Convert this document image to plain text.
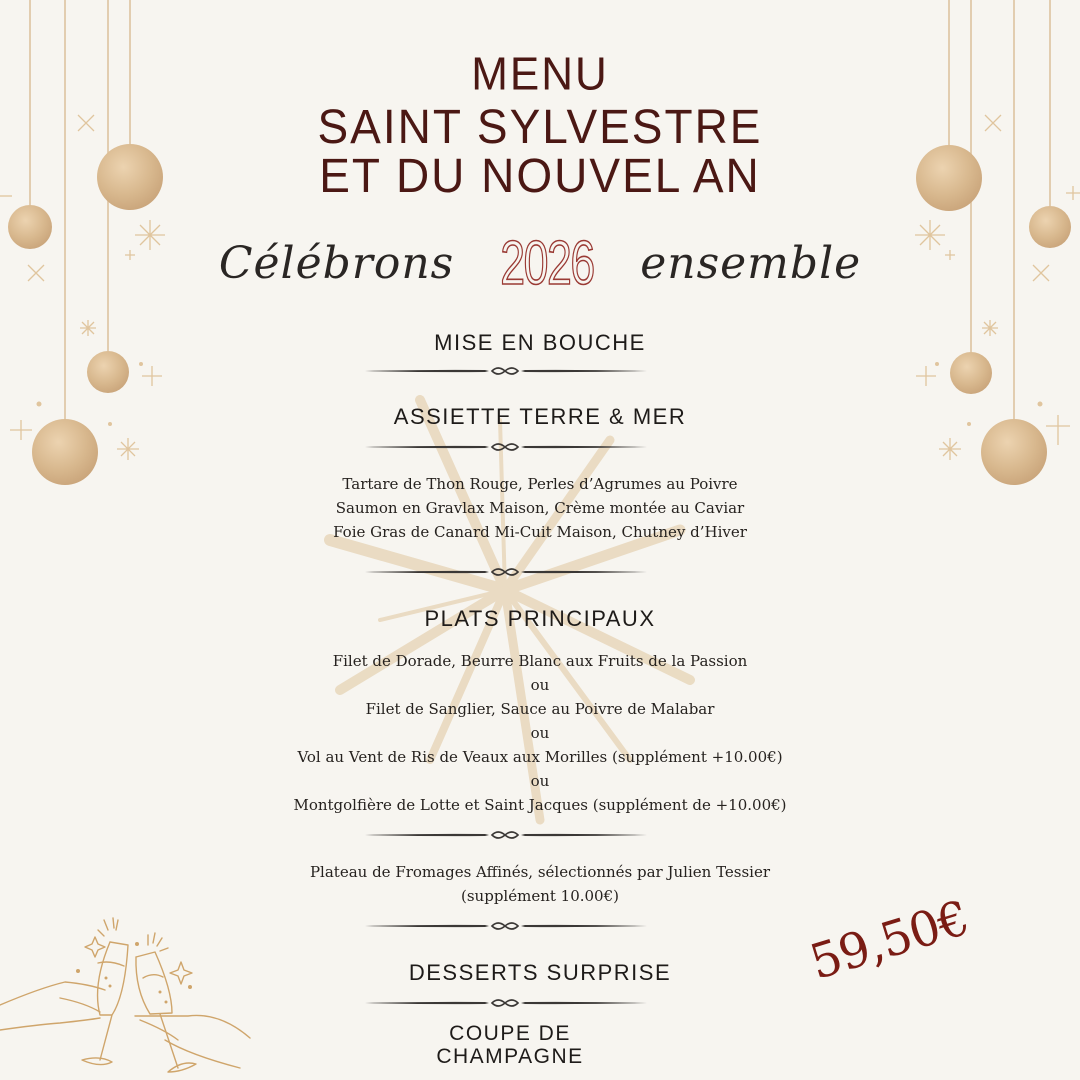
MENU
SAINT SYLVESTRE
ET DU NOUVEL AN
Célébrons 2026 ensemble
MISE EN BOUCHE
ASSIETTE TERRE & MER
Tartare de Thon Rouge, Perles d’Agrumes au Poivre
Saumon en Gravlax Maison, Crème montée au Caviar
Foie Gras de Canard Mi-Cuit Maison, Chutney d’Hiver
PLATS PRINCIPAUX
Filet de Dorade, Beurre Blanc aux Fruits de la Passion
ou
Filet de Sanglier, Sauce au Poivre de Malabar
ou
Vol au Vent de Ris de Veaux aux Morilles (supplément +10.00€)
ou
Montgolfière de Lotte et Saint Jacques (supplément de +10.00€)
Plateau de Fromages Affinés, sélectionnés par Julien Tessier
(supplément 10.00€)
DESSERTS SURPRISE
COUPE DE
CHAMPAGNE
59,50€
